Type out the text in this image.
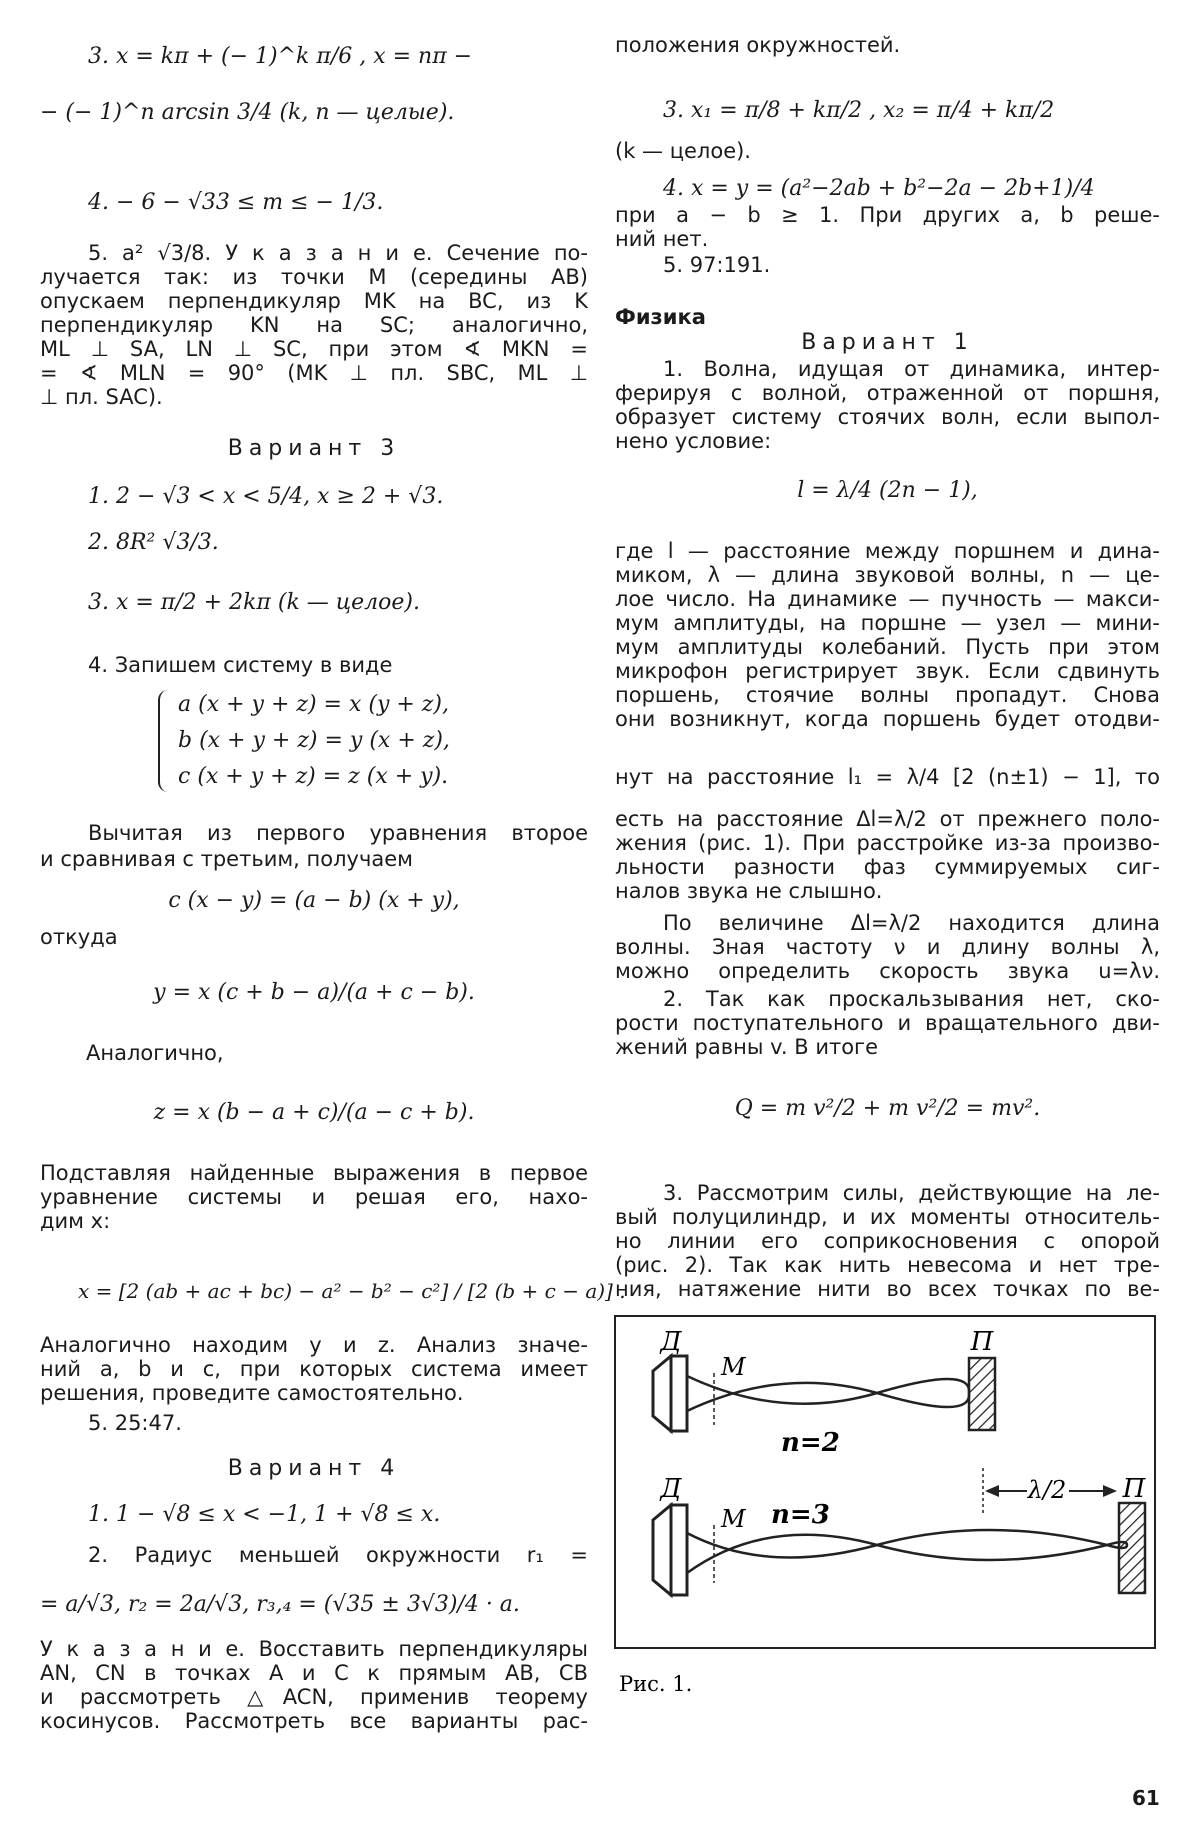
3. x = kπ + (− 1)^k π/6 , x = nπ −
− (− 1)^n arcsin 3/4 (k, n — целые).
4. − 6 − √33 ≤ m ≤ − 1/3.
5. a² √3/8. У к а з а н и е. Сечение по-
лучается так: из точки M (середины AB)
опускаем перпендикуляр MK на BC, из K
перпендикуляр KN на SC; аналогично,
ML ⊥ SA, LN ⊥ SC, при этом ∢ MKN =
= ∢ MLN = 90° (MK ⊥ пл. SBC, ML ⊥
⊥ пл. SAC).
Вариант 3
1. 2 − √3 < x < 5/4, x ≥ 2 + √3.
2. 8R² √3/3.
3. x = π/2 + 2kπ (k — целое).
4. Запишем систему в виде
a (x + y + z) = x (y + z),
b (x + y + z) = y (x + z),
c (x + y + z) = z (x + y).
Вычитая из первого уравнения второе
и сравнивая с третьим, получаем
c (x − y) = (a − b) (x + y),
откуда
y = x (c + b − a)/(a + c − b).
Аналогично,
z = x (b − a + c)/(a − c + b).
Подставляя найденные выражения в первое
уравнение системы и решая его, нахо-
дим x:
x = [2 (ab + ac + bc) − a² − b² − c²] / [2 (b + c − a)] .
Аналогично находим y и z. Анализ значе-
ний a, b и c, при которых система имеет
решения, проведите самостоятельно.
5. 25:47.
Вариант 4
1. 1 − √8 ≤ x < −1, 1 + √8 ≤ x.
2. Радиус меньшей окружности r₁ =
= a/√3, r₂ = 2a/√3, r₃,₄ = (√35 ± 3√3)/4 · a.
У к а з а н и е. Восставить перпендикуляры
AN, CN в точках A и C к прямым AB, CB
и рассмотреть △ACN, применив теорему
косинусов. Рассмотреть все варианты рас-
положения окружностей.
3. x₁ = π/8 + kπ/2 , x₂ = π/4 + kπ/2
(k — целое).
4. x = y = (a²−2ab + b²−2a − 2b+1)/4
при a − b ≥ 1. При других a, b реше-
ний нет.
5. 97:191.
Физика
Вариант 1
1. Волна, идущая от динамика, интер-
ферируя с волной, отраженной от поршня,
образует систему стоячих волн, если выпол-
нено условие:
l = λ/4 (2n − 1),
где l — расстояние между поршнем и дина-
миком, λ — длина звуковой волны, n — це-
лое число. На динамике — пучность — макси-
мум амплитуды, на поршне — узел — мини-
мум амплитуды колебаний. Пусть при этом
микрофон регистрирует звук. Если сдвинуть
поршень, стоячие волны пропадут. Снова
они возникнут, когда поршень будет отодви-
нут на расстояние l₁ = λ/4 [2 (n±1) − 1], то
есть на расстояние Δl=λ/2 от прежнего поло-
жения (рис. 1). При расстройке из-за произво-
льности разности фаз суммируемых сиг-
налов звука не слышно.
По величине Δl=λ/2 находится длина
волны. Зная частоту ν и длину волны λ,
можно определить скорость звука u=λν.
2. Так как проскальзывания нет, ско-
рости поступательного и вращательного дви-
жений равны v. В итоге
Q = m v²/2 + m v²/2 = mv².
3. Рассмотрим силы, действующие на ле-
вый полуцилиндр, и их моменты относитель-
но линии его соприкосновения с опорой
(рис. 2). Так как нить невесома и нет тре-
ния, натяжение нити во всех точках по ве-
Д
M
П
n=2
Д
M n=3
λ/2 П
Рис. 1.
61
